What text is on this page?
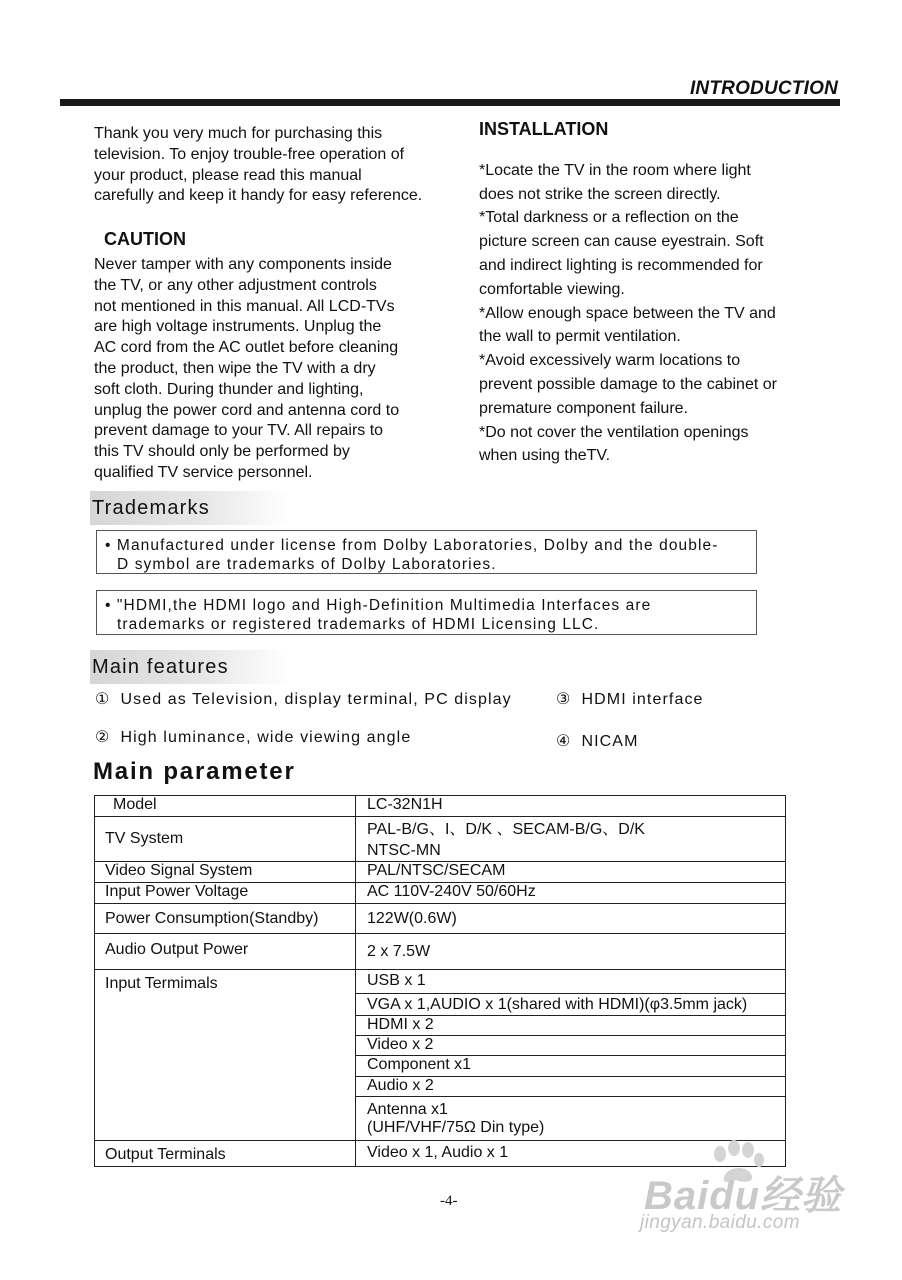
INTRODUCTION
Thank you very much for purchasing this
television. To enjoy trouble-free operation of
your product, please read this manual
carefully and keep it handy for easy reference.
CAUTION
Never tamper with any components inside
the TV, or any other adjustment controls
not mentioned in this manual. All LCD-TVs
are high voltage instruments. Unplug the
AC cord from the AC outlet before cleaning
the product, then wipe the TV with a dry
soft cloth. During thunder and lighting,
unplug the power cord and antenna cord to
prevent damage to your TV. All repairs to
this TV should only be performed by
qualified TV service personnel.
INSTALLATION
*Locate the TV in the room where light
does not strike the screen directly.
*Total darkness or a reflection on the
picture screen can cause eyestrain. Soft
and indirect lighting is recommended for
comfortable viewing.
*Allow enough space between the TV and
the wall to permit ventilation.
*Avoid excessively warm locations to
prevent possible damage to the cabinet or
premature component failure.
*Do not cover the ventilation openings
when using theTV.
Trademarks
• Manufactured under license from Dolby Laboratories, Dolby and the double-
D symbol are trademarks of Dolby Laboratories.
• "HDMI,the HDMI logo and High-Definition Multimedia Interfaces are
trademarks or registered trademarks of HDMI Licensing LLC.
Main features
① Used as Television, display terminal, PC display
② High luminance, wide viewing angle
③ HDMI interface
④ NICAM
Main parameter
Model	LC-32N1H
TV System	PAL-B/G、I、D/K 、SECAM-B/G、D/K
NTSC-MN

Video Signal System	PAL/NTSC/SECAM
Input Power Voltage	AC 110V-240V 50/60Hz
Power Consumption(Standby)	122W(0.6W)
Audio Output Power	2 x 7.5W
Input Termimals	USB x 1
	VGA x 1,AUDIO x 1(shared with HDMI)(φ3.5mm jack)
	HDMI x 2
	Video x 2
	Component x1
	Audio x 2

	Antenna x1
(UHF/VHF/75Ω Din type)

Output Terminals	Video x 1, Audio x 1
-4-	Baidu经验
jingyan.baidu.com
